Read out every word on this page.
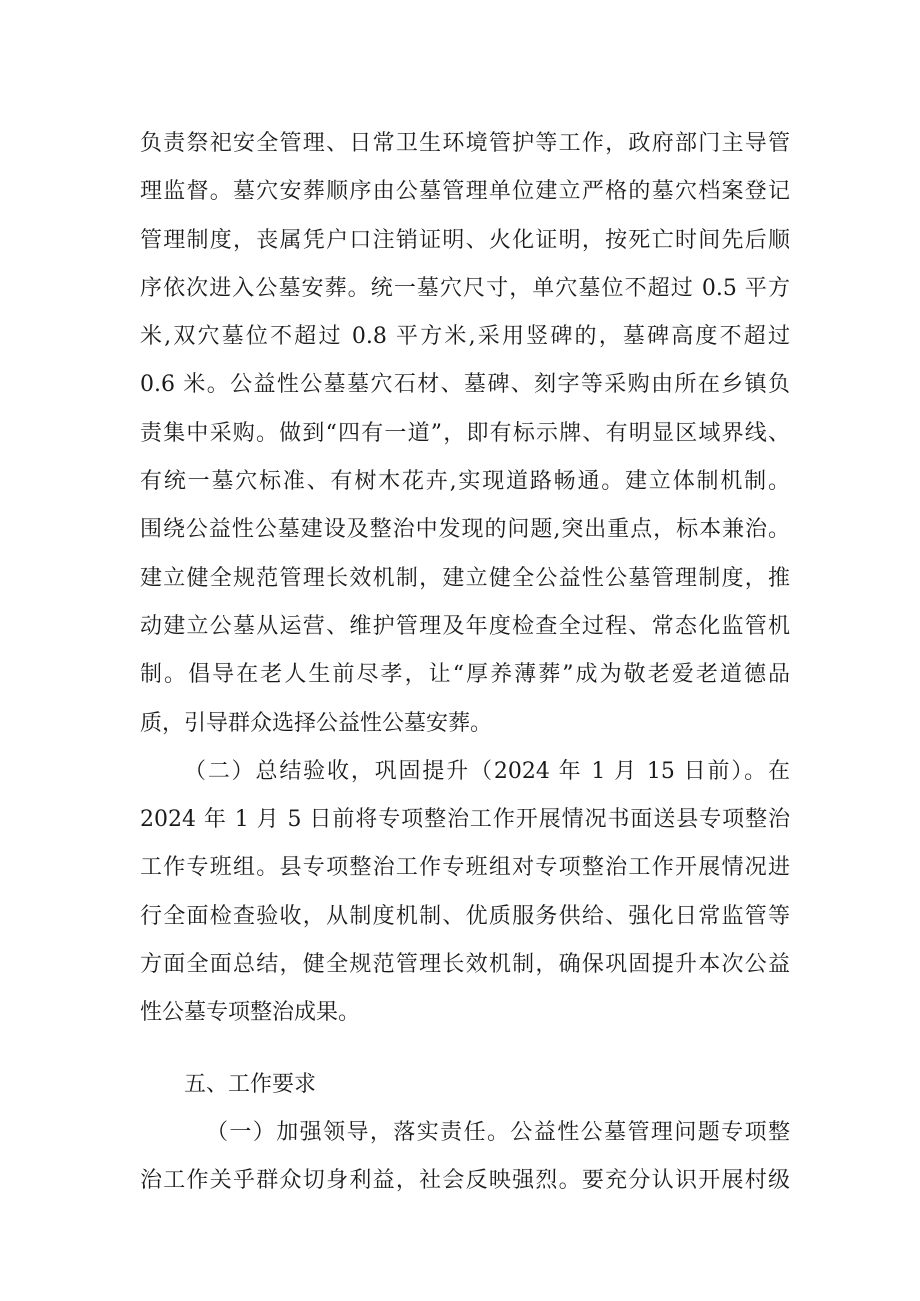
负责祭祀安全管理、日常卫生环境管护等工作，政府部门主导管
理监督。墓穴安葬顺序由公墓管理单位建立严格的墓穴档案登记
管理制度，丧属凭户口注销证明、火化证明，按死亡时间先后顺
序依次进入公墓安葬。统一墓穴尺寸，单穴墓位不超过 0.5 平方
米,双穴墓位不超过 0.8 平方米,采用竖碑的，墓碑高度不超过
0.6 米。公益性公墓墓穴石材、墓碑、刻字等采购由所在乡镇负
责集中采购。做到“四有一道”，即有标示牌、有明显区域界线、
有统一墓穴标准、有树木花卉,实现道路畅通。建立体制机制。
围绕公益性公墓建设及整治中发现的问题,突出重点，标本兼治。
建立健全规范管理长效机制，建立健全公益性公墓管理制度，推
动建立公墓从运营、维护管理及年度检查全过程、常态化监管机
制。倡导在老人生前尽孝，让“厚养薄葬”成为敬老爱老道德品
质，引导群众选择公益性公墓安葬。
（二）总结验收，巩固提升（2024 年 1 月 15 日前）。在
2024 年 1 月 5 日前将专项整治工作开展情况书面送县专项整治
工作专班组。县专项整治工作专班组对专项整治工作开展情况进
行全面检查验收，从制度机制、优质服务供给、强化日常监管等
方面全面总结，健全规范管理长效机制，确保巩固提升本次公益
性公墓专项整治成果。
五、工作要求
（一）加强领导，落实责任。公益性公墓管理问题专项整
治工作关乎群众切身利益，社会反映强烈。要充分认识开展村级
